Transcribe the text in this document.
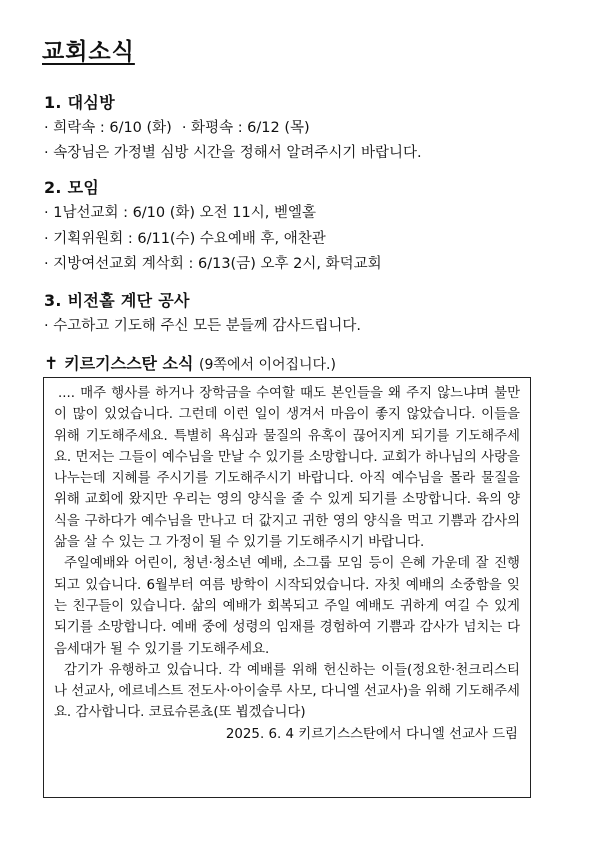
교회소식
1. 대심방

· 희락속 : 6/10 (화) · 화평속 : 6/12 (목)

· 속장님은 가정별 심방 시간을 정해서 알려주시기 바랍니다.

2. 모임

· 1남선교회 : 6/10 (화) 오전 11시, 벧엘홀

· 기획위원회 : 6/11(수) 수요예배 후, 애찬관

· 지방여선교회 계삭회 : 6/13(금) 오후 2시, 화덕교회

3. 비전홀 계단 공사

· 수고하고 기도해 주신 모든 분들께 감사드립니다.

✝ 키르기스스탄 소식 (9쪽에서 이어집니다.)

.... 매주 행사를 하거나 장학금을 수여할 때도 본인들을 왜 주지 않느냐며 불만이 많이 있었습니다. 그런데 이런 일이 생겨서 마음이 좋지 않았습니다. 이들을 위해 기도해주세요. 특별히 욕심과 물질의 유혹이 끊어지게 되기를 기도해주세요. 먼저는 그들이 예수님을 만날 수 있기를 소망합니다. 교회가 하나님의 사랑을 나누는데 지혜를 주시기를 기도해주시기 바랍니다. 아직 예수님을 몰라 물질을 위해 교회에 왔지만 우리는 영의 양식을 줄 수 있게 되기를 소망합니다. 육의 양식을 구하다가 예수님을 만나고 더 값지고 귀한 영의 양식을 먹고 기쁨과 감사의 삶을 살 수 있는 그 가정이 될 수 있기를 기도해주시기 바랍니다.

주일예배와 어린이, 청년·청소년 예배, 소그룹 모임 등이 은혜 가운데 잘 진행되고 있습니다. 6월부터 여름 방학이 시작되었습니다. 자칫 예배의 소중함을 잊는 친구들이 있습니다. 삶의 예배가 회복되고 주일 예배도 귀하게 여길 수 있게 되기를 소망합니다. 예배 중에 성령의 임재를 경험하여 기쁨과 감사가 넘치는 다음세대가 될 수 있기를 기도해주세요.

감기가 유행하고 있습니다. 각 예배를 위해 헌신하는 이들(정요한·천크리스티나 선교사, 에르네스트 전도사·아이술루 사모, 다니엘 선교사)을 위해 기도해주세요. 감사합니다. 코료슈론쵸(또 뵙겠습니다)

2025. 6. 4 키르기스스탄에서 다니엘 선교사 드림
